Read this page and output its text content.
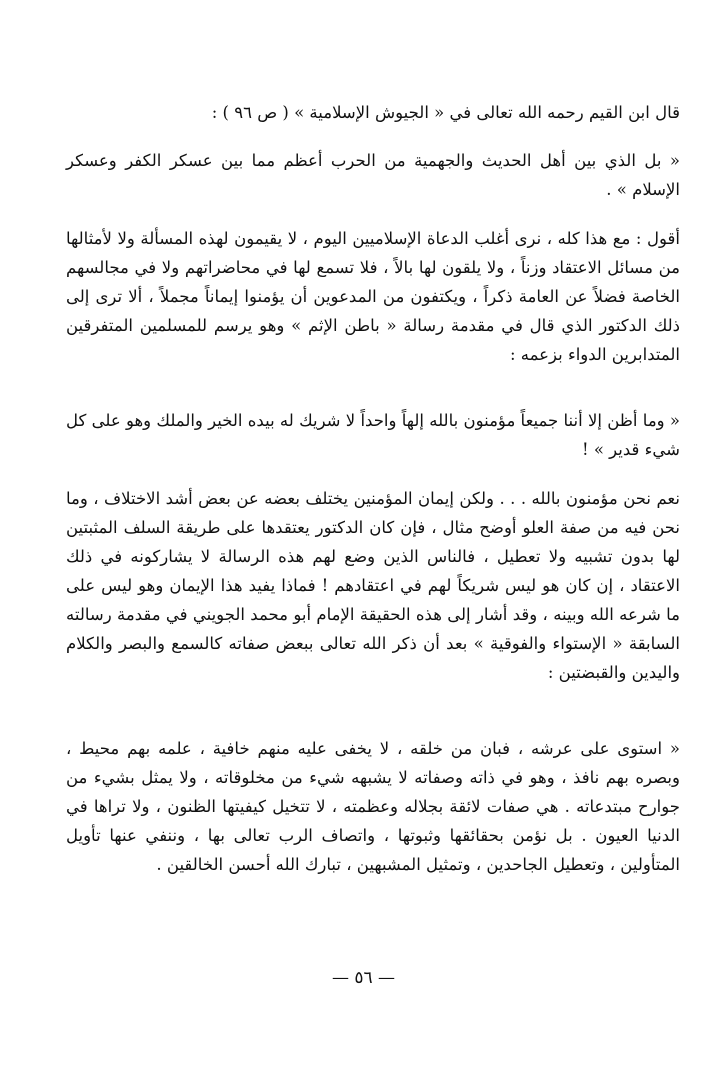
قال ابن القيم رحمه الله تعالى في « الجيوش الإسلامية » ( ص ٩٦ ) :

« بل الذي بين أهل الحديث والجهمية من الحرب أعظم مما بين عسكر الكفر وعسكر الإسلام » .

أقول : مع هذا كله ، نرى أغلب الدعاة الإسلاميين اليوم ، لا يقيمون لهذه المسألة ولا لأمثالها من مسائل الاعتقاد وزناً ، ولا يلقون لها بالاً ، فلا تسمع لها في محاضراتهم ولا في مجالسهم الخاصة فضلاً عن العامة ذكراً ، ويكتفون من المدعوين أن يؤمنوا إيماناً مجملاً ، ألا ترى إلى ذلك الدكتور الذي قال في مقدمة رسالة « باطن الإثم » وهو يرسم للمسلمين المتفرقين المتدابرين الدواء بزعمه :

« وما أظن إلا أننا جميعاً مؤمنون بالله إلهاً واحداً لا شريك له بيده الخير والملك وهو على كل شيء قدير » !

نعم نحن مؤمنون بالله . . . ولكن إيمان المؤمنين يختلف بعضه عن بعض أشد الاختلاف ، وما نحن فيه من صفة العلو أوضح مثال ، فإن كان الدكتور يعتقدها على طريقة السلف المثبتين لها بدون تشبيه ولا تعطيل ، فالناس الذين وضع لهم هذه الرسالة لا يشاركونه في ذلك الاعتقاد ، إن كان هو ليس شريكاً لهم في اعتقادهم ! فماذا يفيد هذا الإيمان وهو ليس على ما شرعه الله وبينه ، وقد أشار إلى هذه الحقيقة الإمام أبو محمد الجويني في مقدمة رسالته السابقة « الإستواء والفوقية » بعد أن ذكر الله تعالى ببعض صفاته كالسمع والبصر والكلام واليدين والقبضتين :

« استوى على عرشه ، فبان من خلقه ، لا يخفى عليه منهم خافية ، علمه بهم محيط ، وبصره بهم نافذ ، وهو في ذاته وصفاته لا يشبهه شيء من مخلوقاته ، ولا يمثل بشيء من جوارح مبتدعاته . هي صفات لائقة بجلاله وعظمته ، لا تتخيل كيفيتها الظنون ، ولا تراها في الدنيا العيون . بل نؤمن بحقائقها وثبوتها ، واتصاف الرب تعالى بها ، وننفي عنها تأويل المتأولين ، وتعطيل الجاحدين ، وتمثيل المشبهين ، تبارك الله أحسن الخالقين .

— ٥٦ —
